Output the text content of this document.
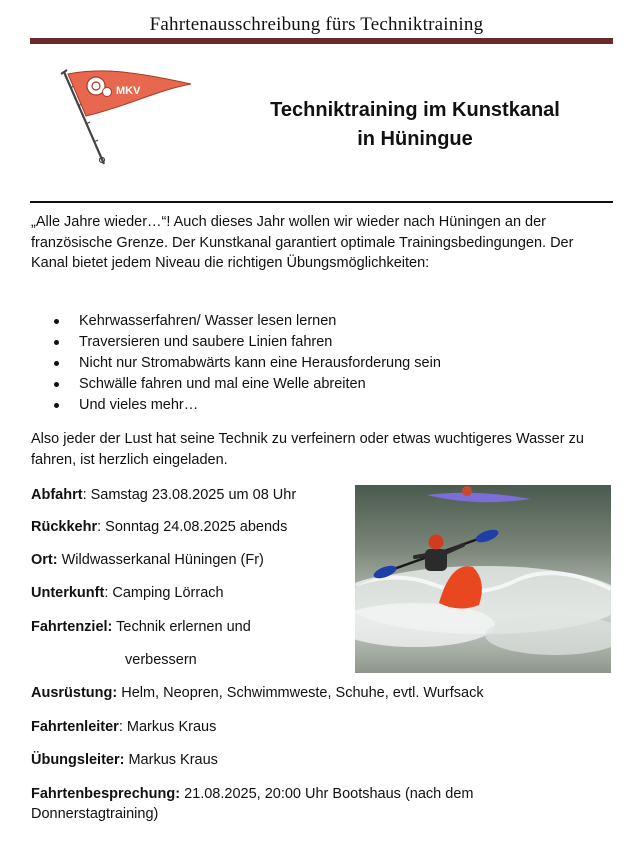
Fahrtenausschreibung fürs Techniktraining
MKV
Techniktraining im Kunstkanal
in Hüningue
„Alle Jahre wieder…“! Auch dieses Jahr wollen wir wieder nach Hüningen an der französische Grenze. Der Kunstkanal garantiert optimale Trainingsbedingungen. Der Kanal bietet jedem Niveau die richtigen Übungsmöglichkeiten:
Kehrwasserfahren/ Wasser lesen lernen
Traversieren und saubere Linien fahren
Nicht nur Stromabwärts kann eine Herausforderung sein
Schwälle fahren und mal eine Welle abreiten
Und vieles mehr…
Also jeder der Lust hat seine Technik zu verfeinern oder etwas wuchtigeres Wasser zu fahren, ist herzlich eingeladen.
Abfahrt: Samstag 23.08.2025 um 08 Uhr
Rückkehr: Sonntag 24.08.2025 abends
Ort: Wildwasserkanal Hüningen (Fr)
Unterkunft: Camping Lörrach
Fahrtenziel: Technik erlernen und
verbessern
Ausrüstung: Helm, Neopren, Schwimmweste, Schuhe, evtl. Wurfsack
Fahrtenleiter: Markus Kraus
Übungsleiter: Markus Kraus
Fahrtenbesprechung: 21.08.2025, 20:00 Uhr Bootshaus (nach dem
Donnerstagtraining)
